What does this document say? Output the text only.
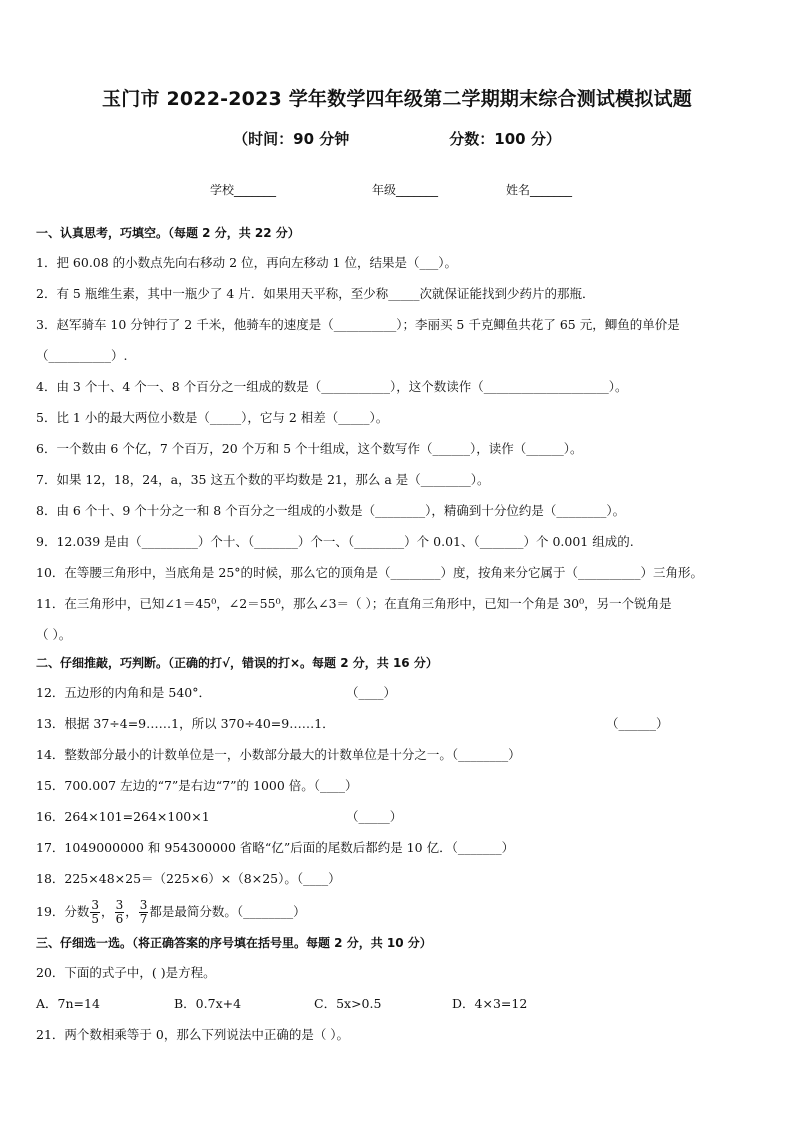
玉门市 2022-2023 学年数学四年级第二学期期末综合测试模拟试题
（时间：90 分钟	分数：100 分）
学校_______	年级_______	姓名_______
一、认真思考，巧填空。（每题 2 分，共 22 分）
1．把 60.08 的小数点先向右移动 2 位，再向左移动 1 位，结果是（___）。
2．有 5 瓶维生素，其中一瓶少了 4 片．如果用天平称，至少称_____次就保证能找到少药片的那瓶．
3．赵军骑车 10 分钟行了 2 千米，他骑车的速度是（__________）；李丽买 5 千克鲫鱼共花了 65 元，鲫鱼的单价是
（__________）.
4．由 3 个十、4 个一、8 个百分之一组成的数是（___________），这个数读作（____________________）。
5．比 1 小的最大两位小数是（_____），它与 2 相差（_____）。
6．一个数由 6 个亿，7 个百万，20 个万和 5 个十组成，这个数写作（______），读作（______）。
7．如果 12，18，24，a，35 这五个数的平均数是 21，那么 a 是（________）。
8．由 6 个十、9 个十分之一和 8 个百分之一组成的小数是（________），精确到十分位约是（________）。
9．12.039 是由（_________）个十、（_______）个一、（________）个 0.01、（_______）个 0.001 组成的.
10．在等腰三角形中，当底角是 25°的时候，那么它的顶角是（________）度，按角来分它属于（__________）三角形。
11．在三角形中，已知∠1＝45⁰，∠2＝55⁰，那么∠3＝（ ）；在直角三角形中，已知一个角是 30⁰，另一个锐角是
（ ）。
二、仔细推敲，巧判断。（正确的打√，错误的打×。每题 2 分，共 16 分）
12．五边形的内角和是 540°．	（____）
13．根据 37÷4=9……1，所以 370÷40=9……1．	（______）
14．整数部分最小的计数单位是一，小数部分最大的计数单位是十分之一。（________）
15．700.007 左边的“7”是右边“7”的 1000 倍。（____）
16．264×101=264×100×1	（_____）
17．1049000000 和 954300000 省略“亿”后面的尾数后都约是 10 亿．（_______）
18．225×48×25＝（225×6）×（8×25）。（____）
19．分数 $\frac{3}{5}$ ， $\frac{3}{6}$ ， $\frac{3}{7}$ 都是最简分数。（________）
三、仔细选一选。（将正确答案的序号填在括号里。每题 2 分，共 10 分）
20．下面的式子中，( )是方程。
A．7n=14	B．0.7x+4	C．5x>0.5	D．4×3=12
21．两个数相乘等于 0，那么下列说法中正确的是（ ）。
